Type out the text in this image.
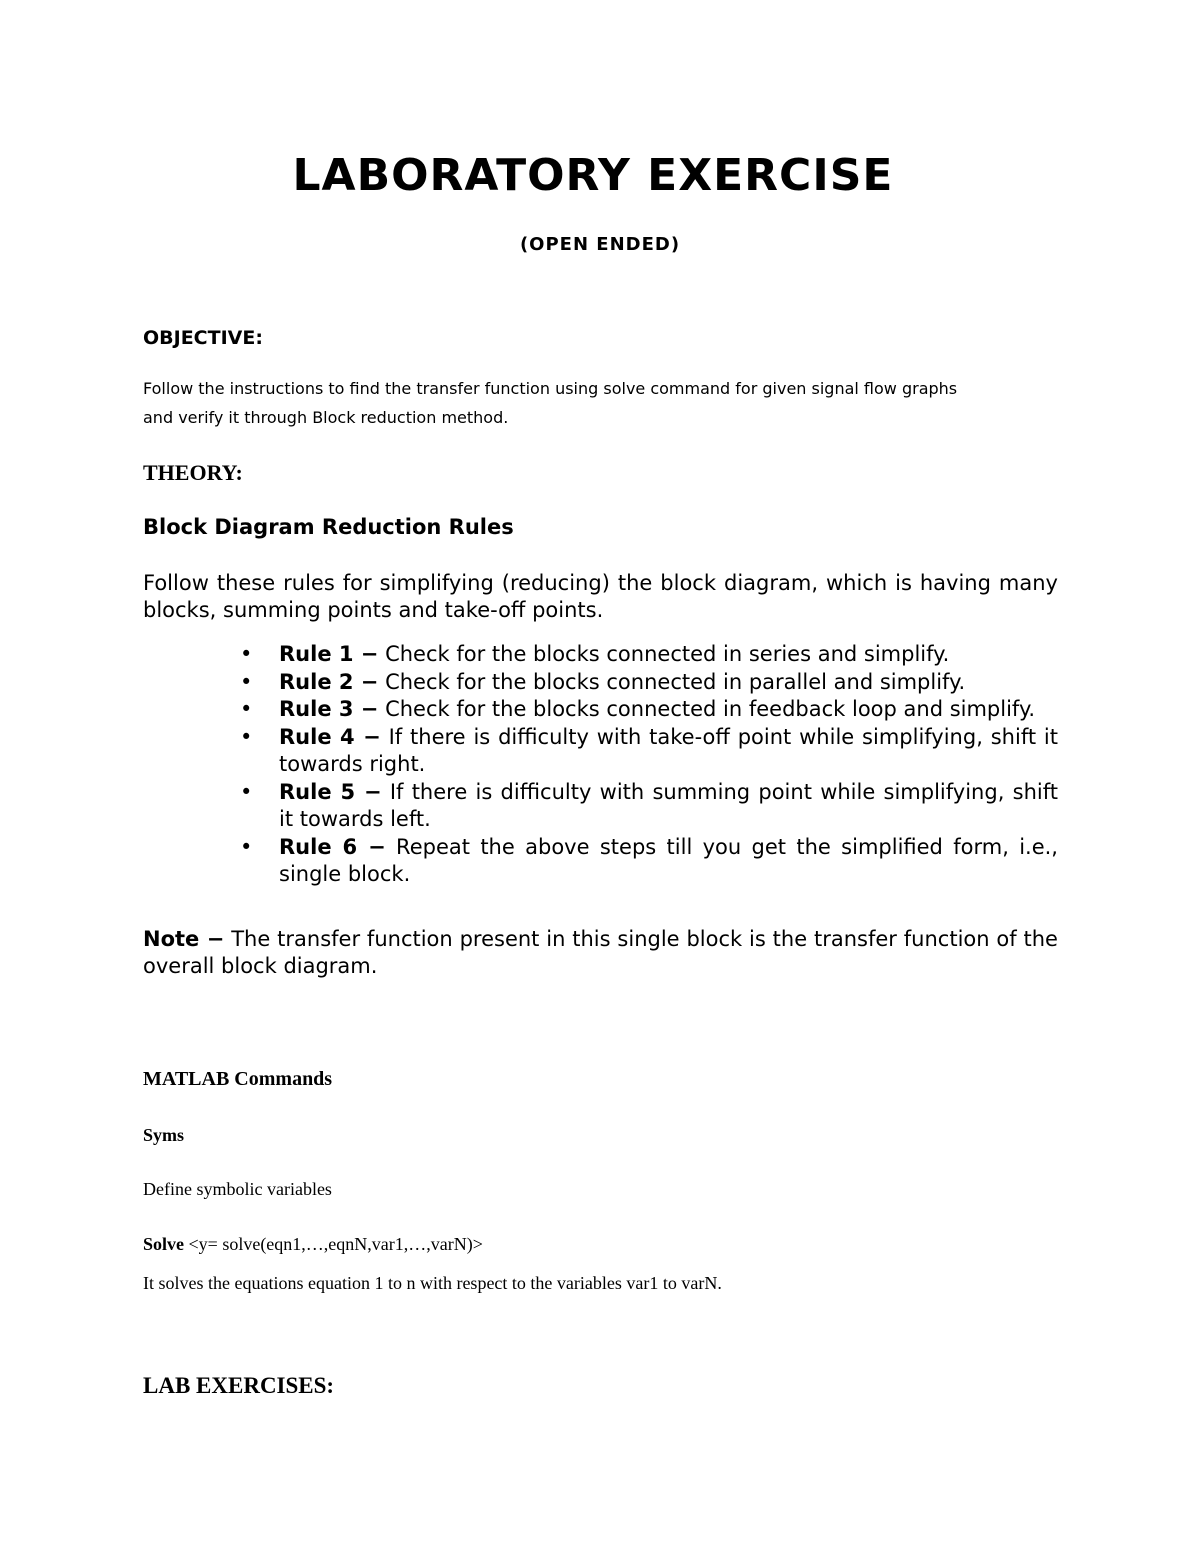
LABORATORY EXERCISE
(OPEN ENDED)
OBJECTIVE:
Follow the instructions to find the transfer function using solve command for given signal flow graphs
and verify it through Block reduction method.
THEORY:
Block Diagram Reduction Rules
Follow these rules for simplifying (reducing) the block diagram, which is having many blocks, summing points and take-off points.
• Rule 1 − Check for the blocks connected in series and simplify.
• Rule 2 − Check for the blocks connected in parallel and simplify.
• Rule 3 − Check for the blocks connected in feedback loop and simplify.
• Rule 4 − If there is difficulty with take-off point while simplifying, shift it towards right.
• Rule 5 − If there is difficulty with summing point while simplifying, shift it towards left.
• Rule 6 − Repeat the above steps till you get the simplified form, i.e., single block.
Note − The transfer function present in this single block is the transfer function of the overall block diagram.
MATLAB Commands
Syms
Define symbolic variables
Solve <y= solve(eqn1,…,eqnN,var1,…,varN)>
It solves the equations equation 1 to n with respect to the variables var1 to varN.
LAB EXERCISES:
